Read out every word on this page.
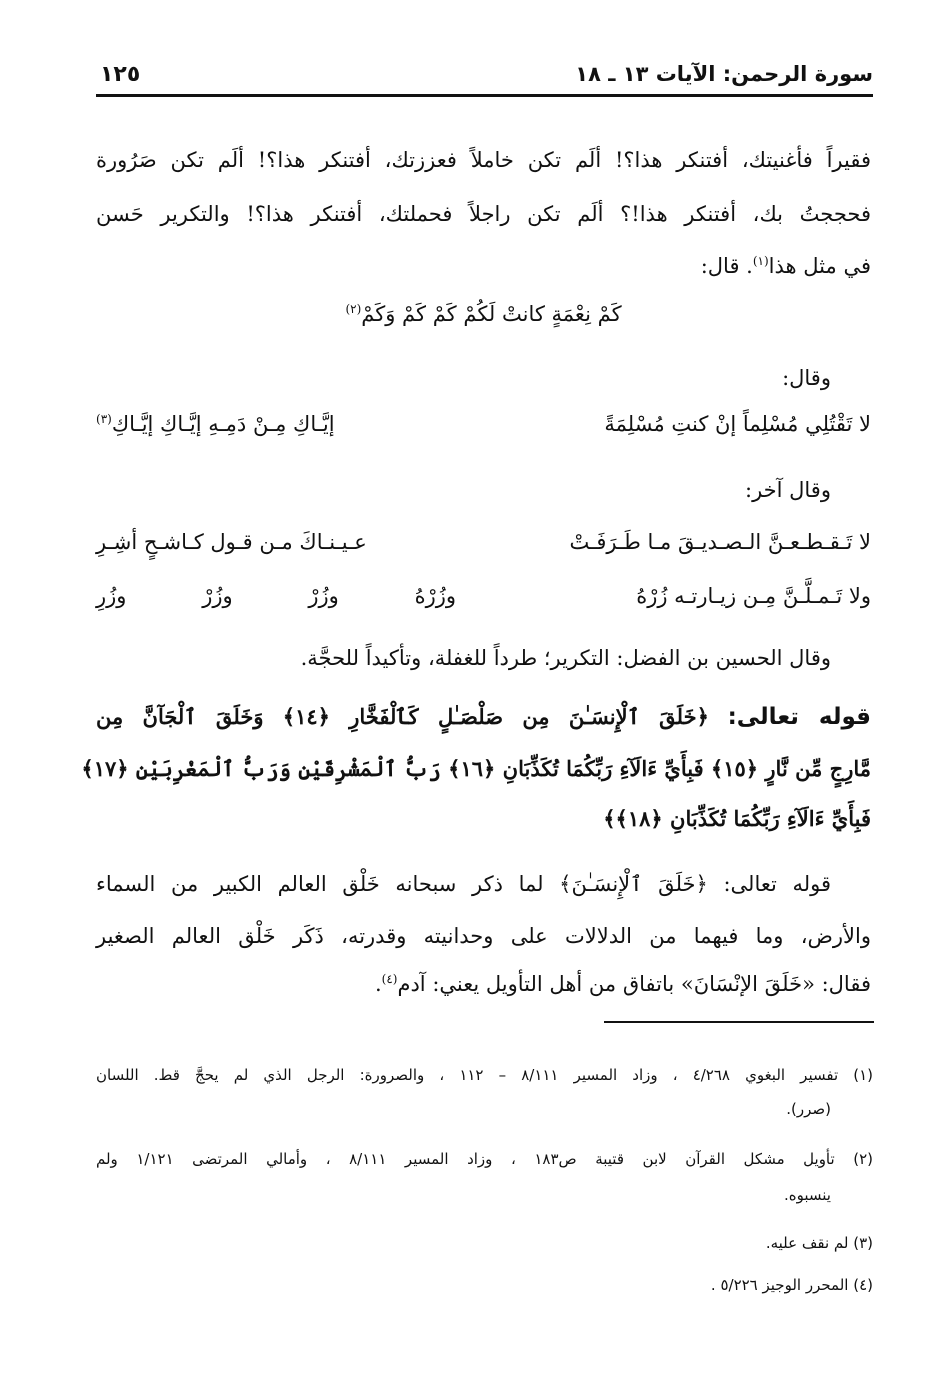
سورة الرحمن: الآيات ١٣ ـ ١٨
١٢٥
فقيراً فأغنيتك، أفتنكر هذا؟! ألَم تكن خاملاً فعززتك، أفتنكر هذا؟! ألَم تكن صَرُورة
فحججتُ بك، أفتنكر هذا!؟ ألَم تكن راجلاً فحملتك، أفتنكر هذا؟! والتكرير حَسن
في مثل هذا$^{(١)}$. قال:
كَمْ نِعْمَةٍ كانتْ لَكُمْ كَمْ كَمْ وَكَمْ$^{(٢)}$
وقال:
لا تَقْتُلِي مُسْلِماً إنْ كنتِ مُسْلِمَةً
إيَّـاكِ مِـنْ دَمِـهِ إيَّـاكِ إيَّـاكِ$^{(٣)}$
وقال آخر:
لا تَـقـطـعـنَّ الـصـديـقَ مـا طَـرَفَـتْ
عـيـنـاكَ مـن قـول كـاشـحٍ أشِـرِ
ولا تَـمـلَّـنَّ مِـن زيـارتـه زُرْهُ
وزُرْهُ
وزُرْ
وزُرْ
وزُرِ
وقال الحسين بن الفضل: التكرير؛ طرداً للغفلة، وتأكيداً للحجَّة.
قوله تعالى: ﴿خَلَقَ ٱلْإِنسَـٰنَ مِن صَلْصَـٰلٍ كَٱلْفَخَّارِ ﴿١٤﴾ وَخَلَقَ ٱلْجَآنَّ مِن
مَّارِجٍ مِّن نَّارٍ ﴿١٥﴾ فَبِأَيِّ ءَالَآءِ رَبِّكُمَا تُكَذِّبَانِ ﴿١٦﴾ رَبُّ ٱلْمَشْرِقَيْنِ وَرَبُّ ٱلْمَغْرِبَيْنِ ﴿١٧﴾
فَبِأَيِّ ءَالَآءِ رَبِّكُمَا تُكَذِّبَانِ ﴿١٨﴾﴾
قوله تعالى: ﴿خَلَقَ ٱلْإِنسَـٰنَ﴾ لما ذكر سبحانه خَلْق العالم الكبير من السماء
والأرض، وما فيهما من الدلالات على وحدانيته وقدرته، ذَكَر خَلْق العالم الصغير
فقال: «خَلَقَ الإنْسَانَ» باتفاق من أهل التأويل يعني: آدم$^{(٤)}$.
(١) تفسير البغوي ٤/٢٦٨ ، وزاد المسير ٨/١١١ – ١١٢ ، والصرورة: الرجل الذي لم يحجَّ قط. اللسان
(صرر).
(٢) تأويل مشكل القرآن لابن قتيبة ص١٨٣ ، وزاد المسير ٨/١١١ ، وأمالي المرتضى ١/١٢١ ولم
ينسبوه.
(٣) لم نقف عليه.
(٤) المحرر الوجيز ٥/٢٢٦ .
